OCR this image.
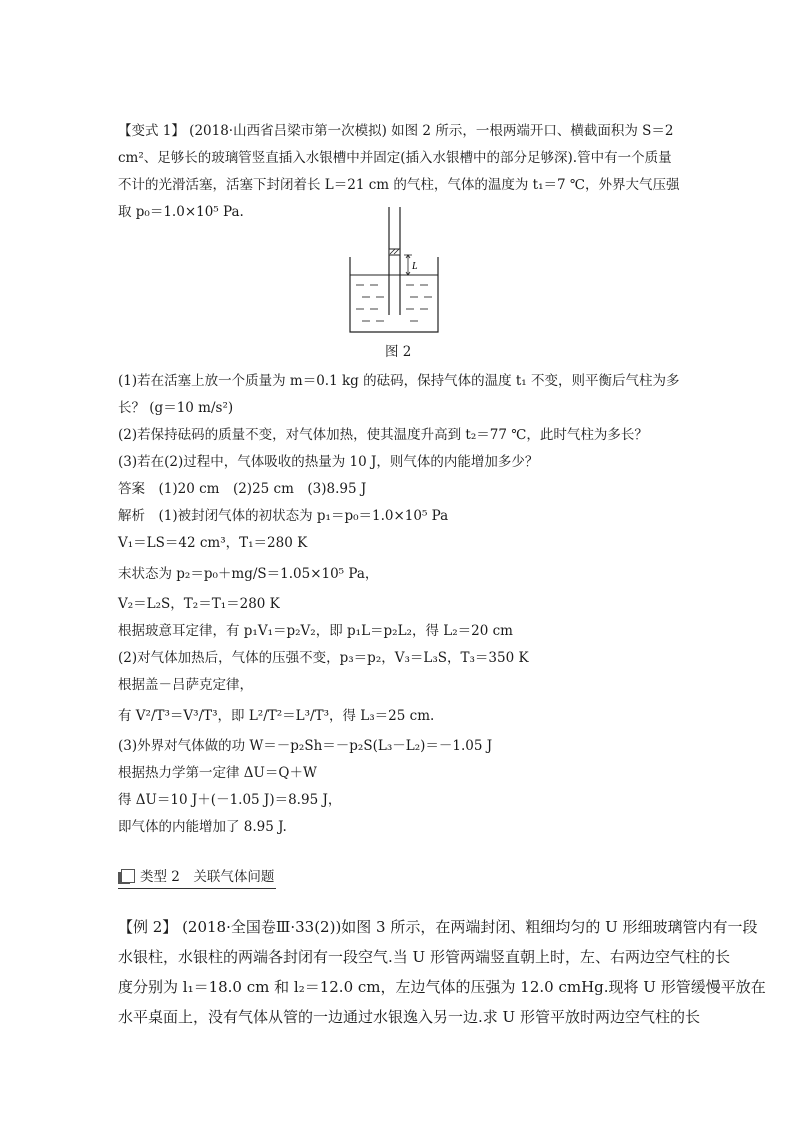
【变式 1】 (2018·山西省吕梁市第一次模拟) 如图 2 所示，一根两端开口、横截面积为 S＝2
cm²、足够长的玻璃管竖直插入水银槽中并固定(插入水银槽中的部分足够深).管中有一个质量
不计的光滑活塞，活塞下封闭着长 L＝21 cm 的气柱，气体的温度为 t₁＝7 ℃，外界大气压强
取 p₀＝1.0×10⁵ Pa.
L
图 2
(1)若在活塞上放一个质量为 m＝0.1 kg 的砝码，保持气体的温度 t₁ 不变，则平衡后气柱为多
长？ (g＝10 m/s²)
(2)若保持砝码的质量不变，对气体加热，使其温度升高到 t₂＝77 ℃，此时气柱为多长？
(3)若在(2)过程中，气体吸收的热量为 10 J，则气体的内能增加多少？
答案　(1)20 cm　(2)25 cm　(3)8.95 J
解析　(1)被封闭气体的初状态为 p₁＝p₀＝1.0×10⁵ Pa
V₁＝LS＝42 cm³，T₁＝280 K
末状态为 p₂＝p₀＋mg/S＝1.05×10⁵ Pa，
V₂＝L₂S，T₂＝T₁＝280 K
根据玻意耳定律，有 p₁V₁＝p₂V₂，即 p₁L＝p₂L₂，得 L₂＝20 cm
(2)对气体加热后，气体的压强不变，p₃＝p₂，V₃＝L₃S，T₃＝350 K
根据盖－吕萨克定律，
有 V²/T³＝V³/T³，即 L²/T²＝L³/T³，得 L₃＝25 cm.
(3)外界对气体做的功 W＝－p₂Sh＝－p₂S(L₃－L₂)＝－1.05 J
根据热力学第一定律 ΔU＝Q＋W
得 ΔU＝10 J＋(－1.05 J)＝8.95 J，
即气体的内能增加了 8.95 J.
类型 2　关联气体问题
【例 2】 (2018·全国卷Ⅲ·33(2))如图 3 所示，在两端封闭、粗细均匀的 U 形细玻璃管内有一段
水银柱，水银柱的两端各封闭有一段空气.当 U 形管两端竖直朝上时，左、右两边空气柱的长
度分别为 l₁＝18.0 cm 和 l₂＝12.0 cm，左边气体的压强为 12.0 cmHg.现将 U 形管缓慢平放在
水平桌面上，没有气体从管的一边通过水银逸入另一边.求 U 形管平放时两边空气柱的长
